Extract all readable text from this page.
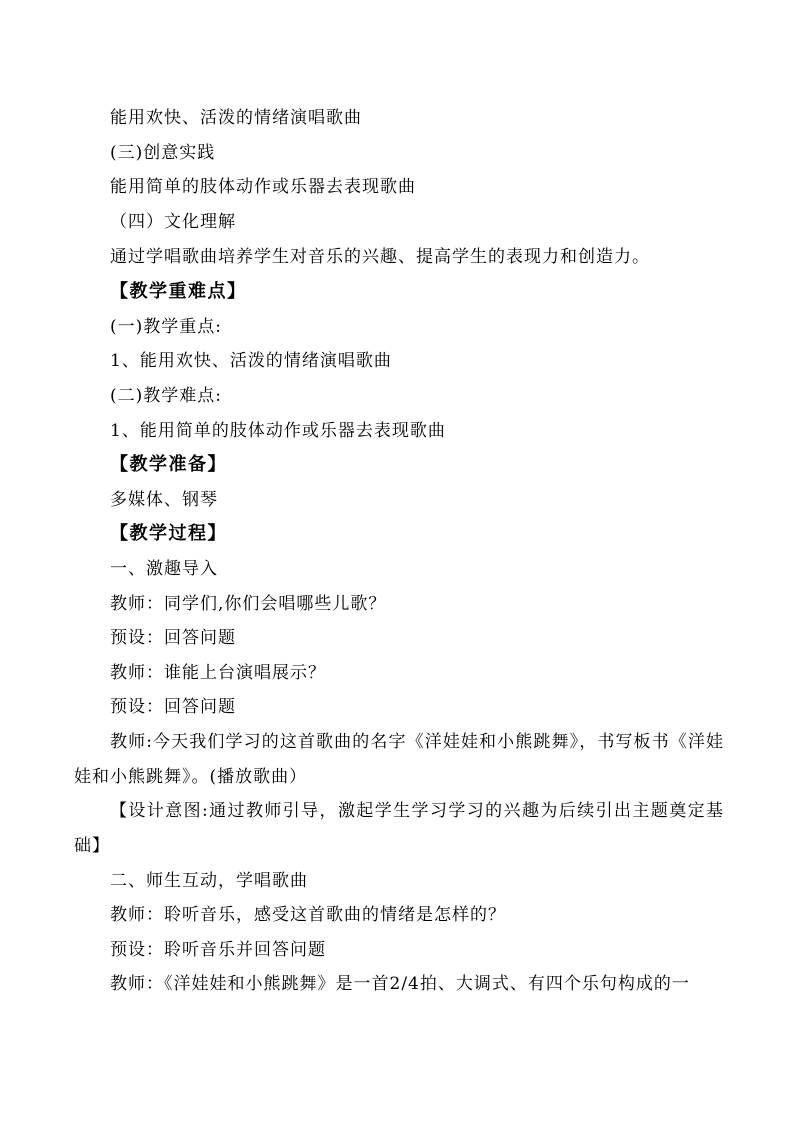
能用欢快、活泼的情绪演唱歌曲
(三)创意实践
能用简单的肢体动作或乐器去表现歌曲
（四）文化理解
通过学唱歌曲培养学生对音乐的兴趣、提高学生的表现力和创造力。
【教学重难点】
(一)教学重点:
1、能用欢快、活泼的情绪演唱歌曲
(二)教学难点:
1、能用简单的肢体动作或乐器去表现歌曲
【教学准备】
多媒体、钢琴
【教学过程】
一、激趣导入
教师：同学们,你们会唱哪些儿歌？
预设：回答问题
教师：谁能上台演唱展示？
预设：回答问题
教师:今天我们学习的这首歌曲的名字《洋娃娃和小熊跳舞》，书写板书《洋娃娃和小熊跳舞》。(播放歌曲）
【设计意图:通过教师引导，激起学生学习学习的兴趣为后续引出主题奠定基础】
二、师生互动，学唱歌曲
教师：聆听音乐，感受这首歌曲的情绪是怎样的？
预设：聆听音乐并回答问题
教师：《洋娃娃和小熊跳舞》是一首2/4拍、大调式、有四个乐句构成的一
